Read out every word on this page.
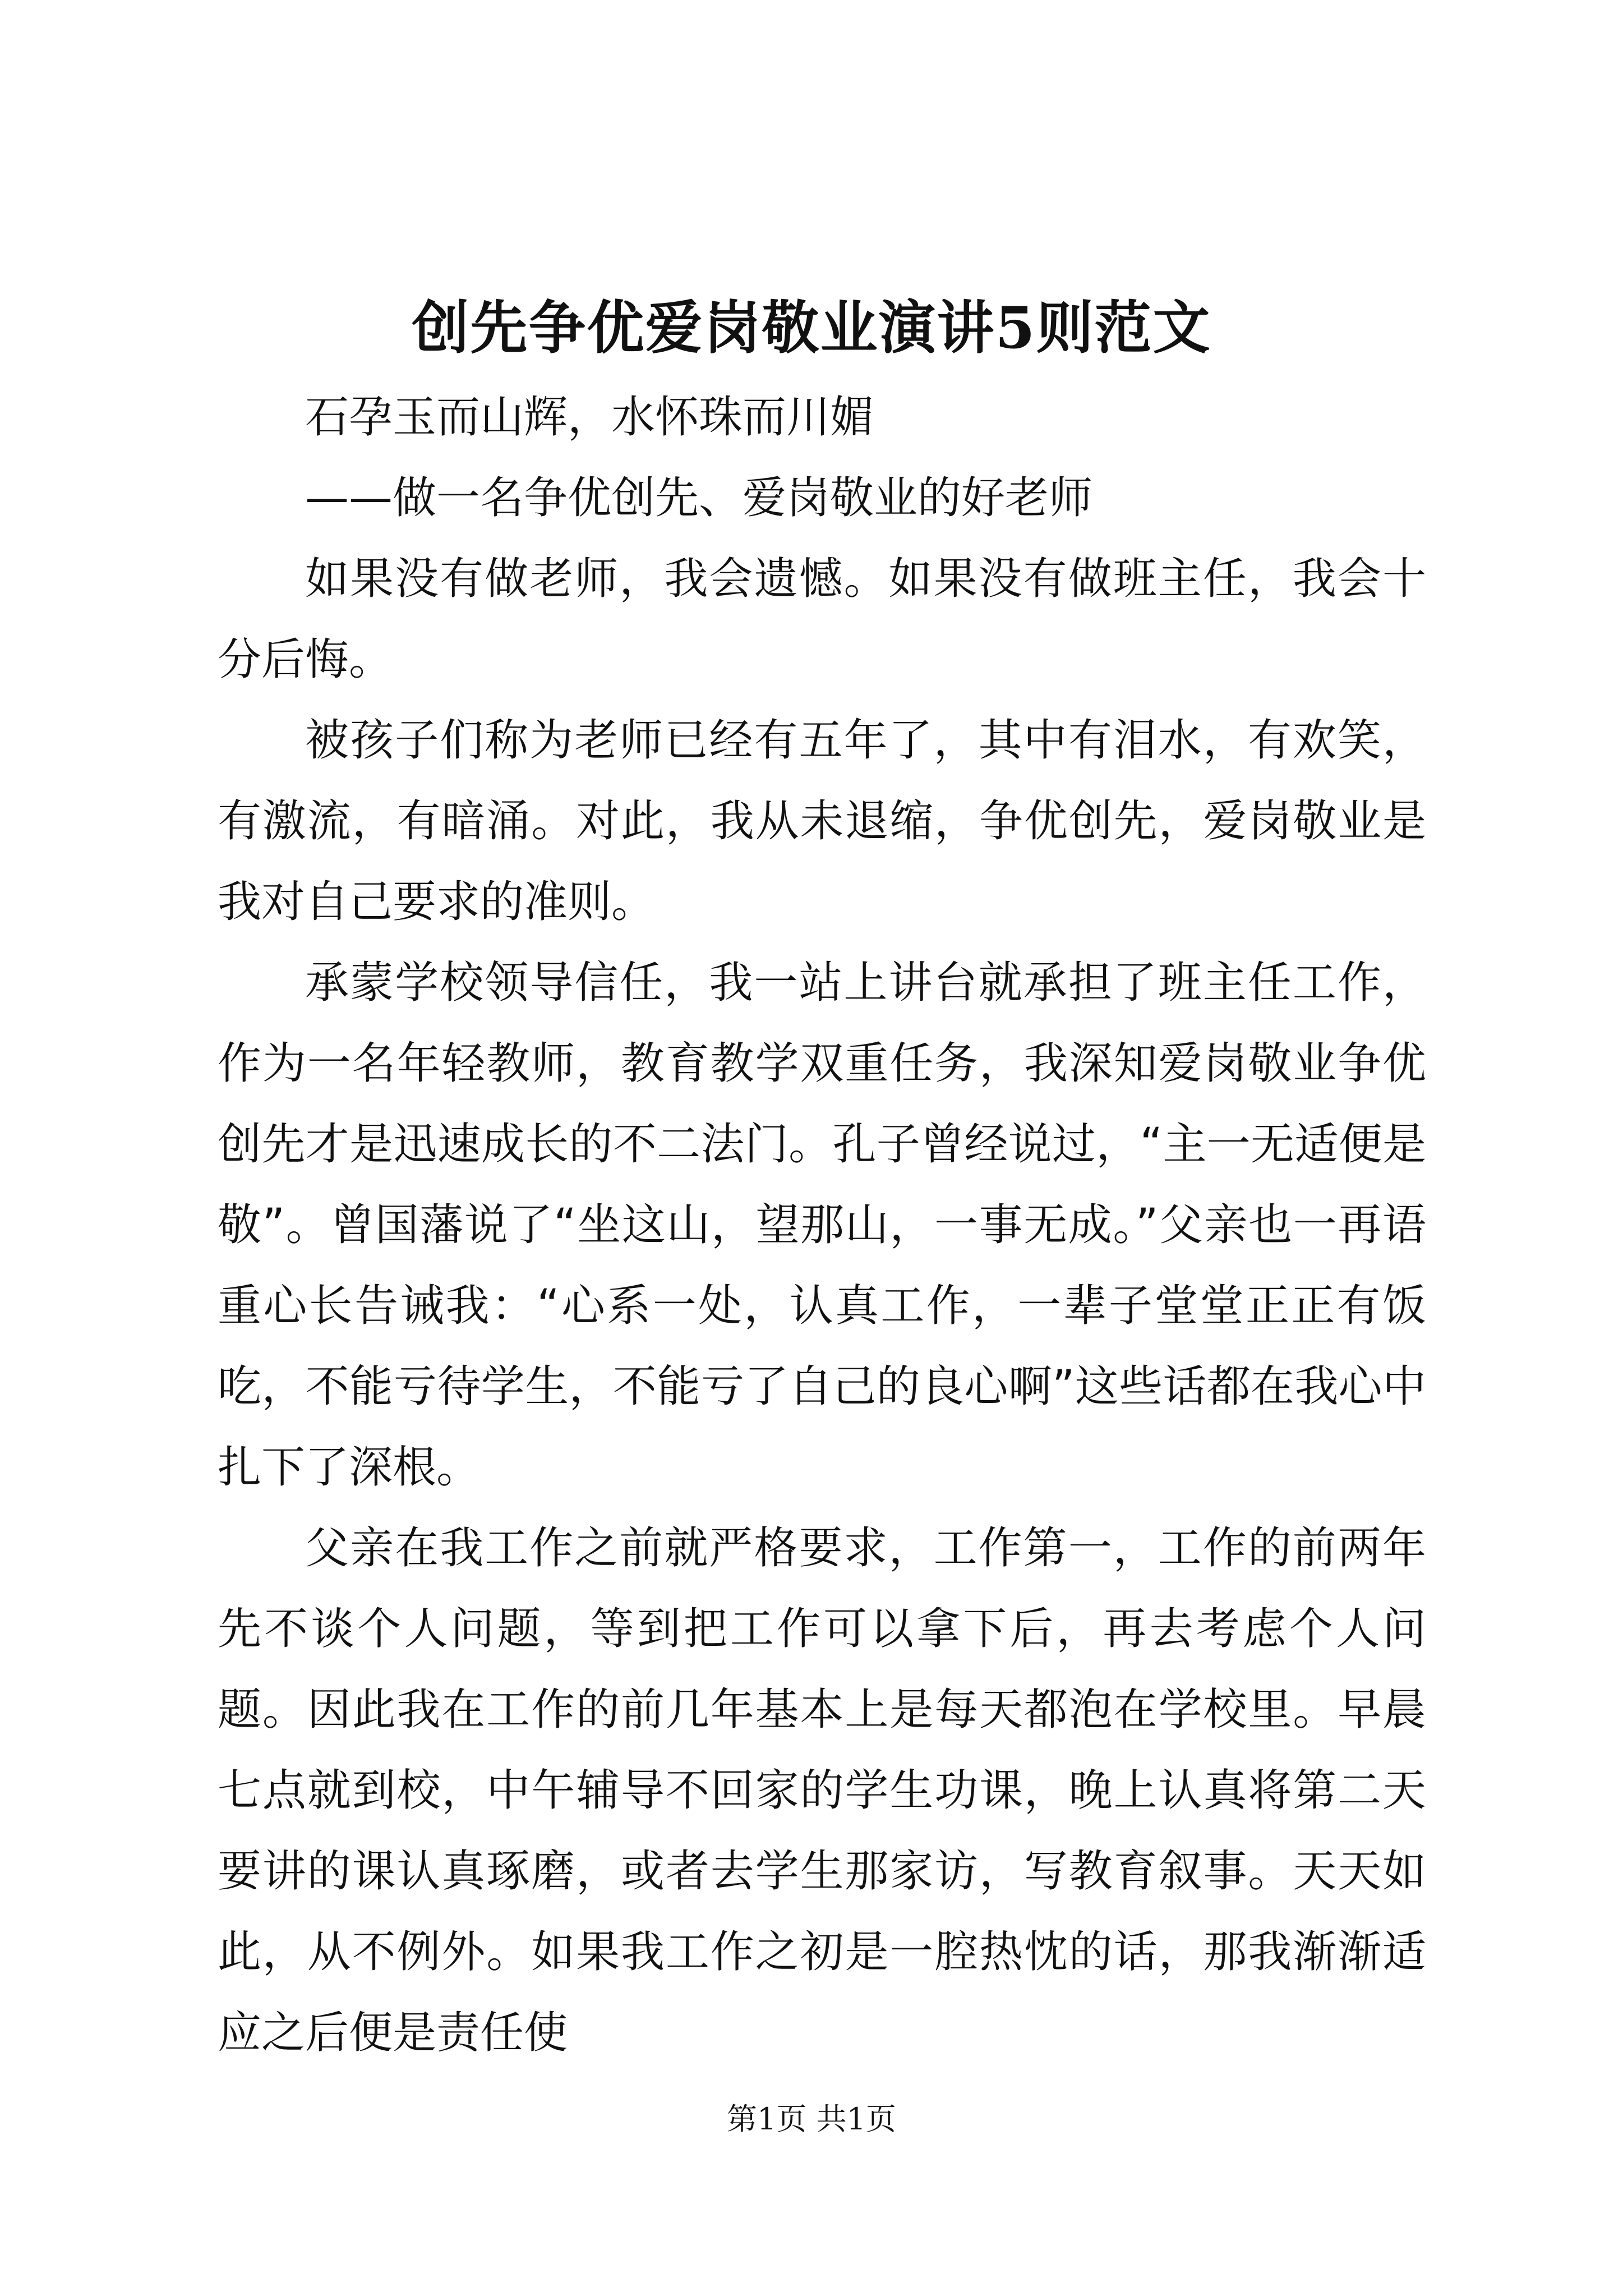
创先争优爱岗敬业演讲5则范文

石孕玉而山辉，水怀珠而川媚

——做一名争优创先、爱岗敬业的好老师

如果没有做老师，我会遗憾。如果没有做班主任，我会十分后悔。

被孩子们称为老师已经有五年了，其中有泪水，有欢笑，有激流，有暗涌。对此，我从未退缩，争优创先，爱岗敬业是我对自己要求的准则。

承蒙学校领导信任，我一站上讲台就承担了班主任工作，作为一名年轻教师，教育教学双重任务，我深知爱岗敬业争优创先才是迅速成长的不二法门。孔子曾经说过，“主一无适便是敬”。曾国藩说了“坐这山，望那山，一事无成。”父亲也一再语重心长告诫我：“心系一处，认真工作，一辈子堂堂正正有饭吃，不能亏待学生，不能亏了自己的良心啊”这些话都在我心中扎下了深根。

父亲在我工作之前就严格要求，工作第一，工作的前两年先不谈个人问题，等到把工作可以拿下后，再去考虑个人问题。因此我在工作的前几年基本上是每天都泡在学校里。早晨七点就到校，中午辅导不回家的学生功课，晚上认真将第二天要讲的课认真琢磨，或者去学生那家访，写教育叙事。天天如此，从不例外。如果我工作之初是一腔热忱的话，那我渐渐适应之后便是责任使

第1页 共1页
